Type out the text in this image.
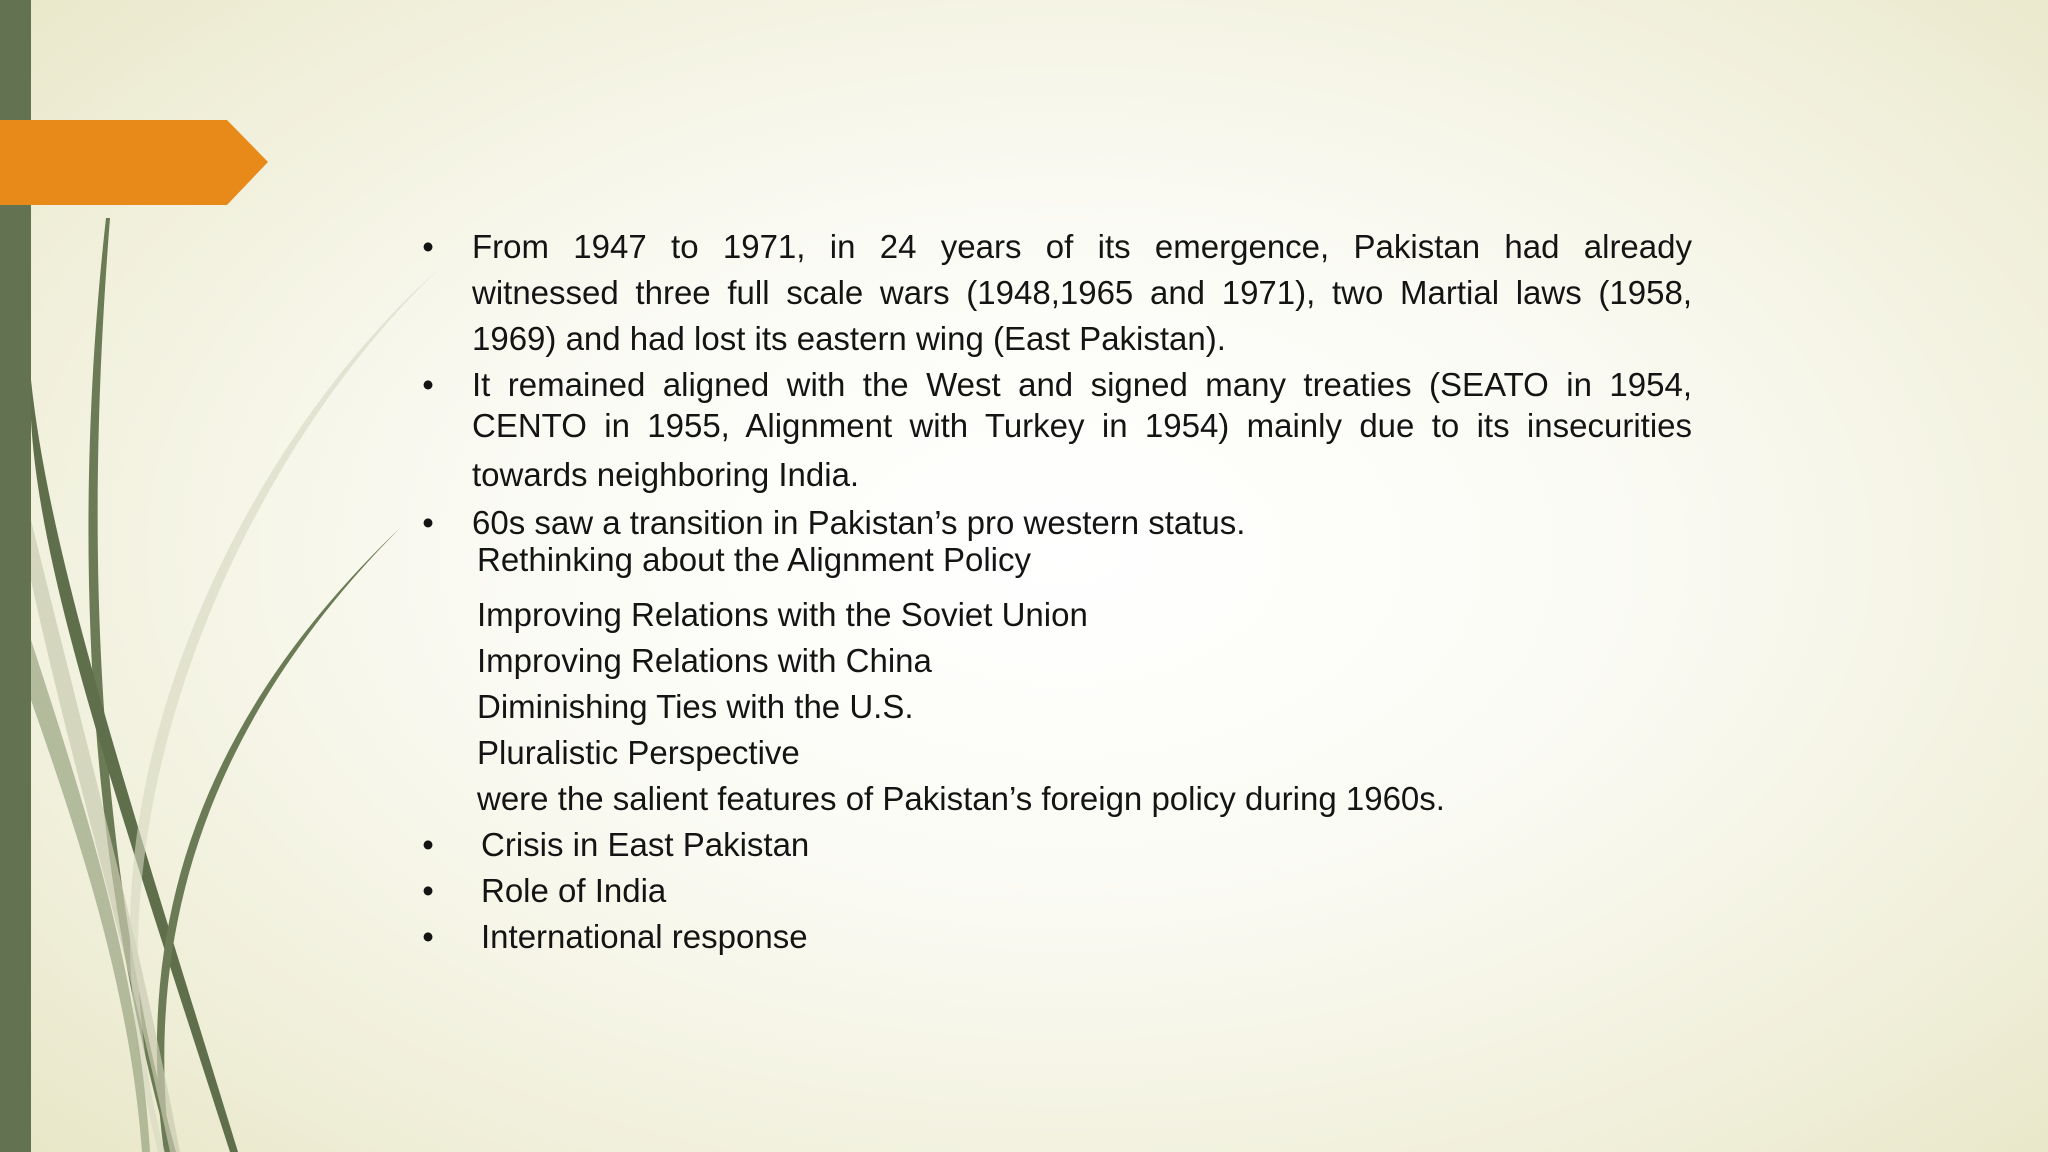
• From 1947 to 1971, in 24 years of its emergence, Pakistan had already
witnessed three full scale wars (1948,1965 and 1971), two Martial laws (1958,
1969) and had lost its eastern wing (East Pakistan).
• It remained aligned with the West and signed many treaties (SEATO in 1954,
CENTO in 1955, Alignment with Turkey in 1954) mainly due to its insecurities
towards neighboring India.
• 60s saw a transition in Pakistan’s pro western status.
Rethinking about the Alignment Policy
Improving Relations with the Soviet Union
Improving Relations with China
Diminishing Ties with the U.S.
Pluralistic Perspective
were the salient features of Pakistan’s foreign policy during 1960s.
• Crisis in East Pakistan
• Role of India
• International response
